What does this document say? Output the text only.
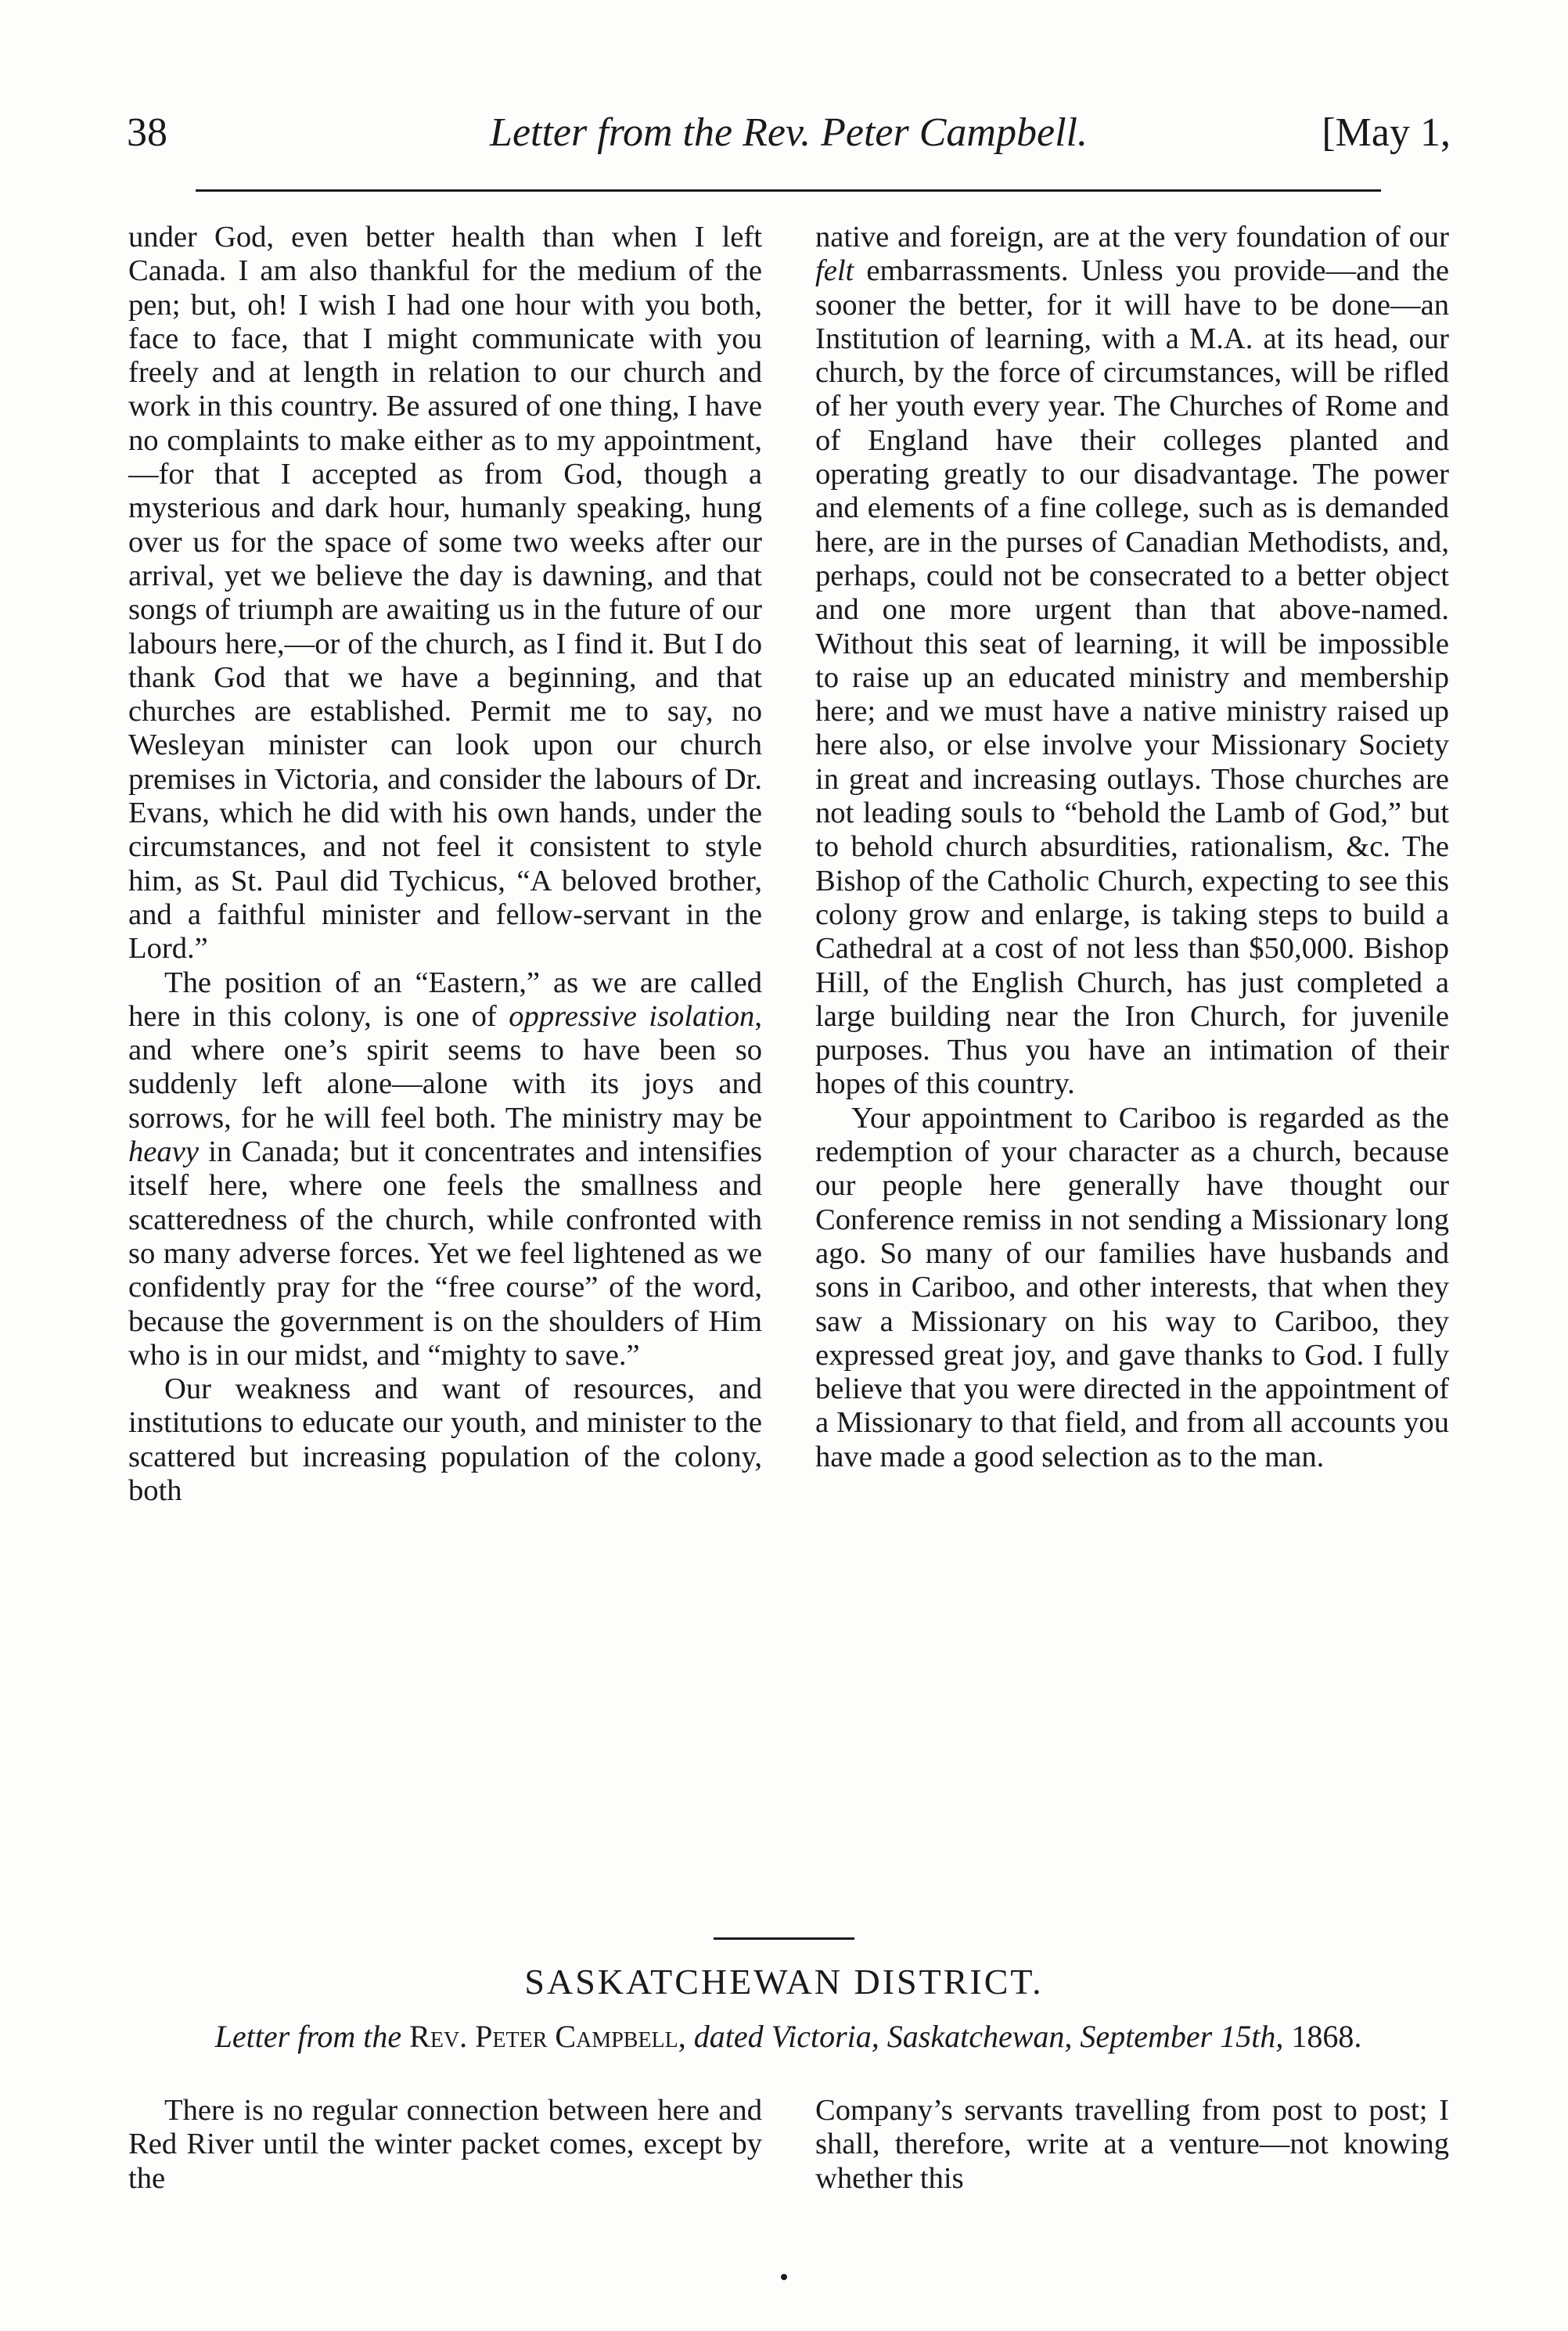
38	Letter from the Rev. Peter Campbell.	[May 1,

under God, even better health than when I left Canada. I am also thankful for the medium of the pen; but, oh! I wish I had one hour with you both, face to face, that I might communicate with you freely and at length in relation to our church and work in this country. Be assured of one thing, I have no complaints to make either as to my appointment,—for that I accepted as from God, though a mysterious and dark hour, humanly speaking, hung over us for the space of some two weeks after our arrival, yet we believe the day is dawning, and that songs of triumph are awaiting us in the future of our labours here,—or of the church, as I find it. But I do thank God that we have a beginning, and that churches are established. Permit me to say, no Wesleyan minister can look upon our church premises in Victoria, and consider the labours of Dr. Evans, which he did with his own hands, under the circumstances, and not feel it consistent to style him, as St. Paul did Tychicus, “A beloved brother, and a faithful minister and fellow-servant in the Lord.”

The position of an “Eastern,” as we are called here in this colony, is one of oppressive isolation, and where one’s spirit seems to have been so suddenly left alone—alone with its joys and sorrows, for he will feel both. The ministry may be heavy in Canada; but it concentrates and intensifies itself here, where one feels the smallness and scatteredness of the church, while confronted with so many adverse forces. Yet we feel lightened as we confidently pray for the “free course” of the word, because the government is on the shoulders of Him who is in our midst, and “mighty to save.”

Our weakness and want of resources, and institutions to educate our youth, and minister to the scattered but increasing population of the colony, both

native and foreign, are at the very foundation of our felt embarrassments. Unless you provide—and the sooner the better, for it will have to be done—an Institution of learning, with a M.A. at its head, our church, by the force of circumstances, will be rifled of her youth every year. The Churches of Rome and of England have their colleges planted and operating greatly to our disadvantage. The power and elements of a fine college, such as is demanded here, are in the purses of Canadian Methodists, and, perhaps, could not be consecrated to a better object and one more urgent than that above-named. Without this seat of learning, it will be impossible to raise up an educated ministry and membership here; and we must have a native ministry raised up here also, or else involve your Missionary Society in great and increasing outlays. Those churches are not leading souls to “behold the Lamb of God,” but to behold church absurdities, rationalism, &c. The Bishop of the Catholic Church, expecting to see this colony grow and enlarge, is taking steps to build a Cathedral at a cost of not less than $50,000. Bishop Hill, of the English Church, has just completed a large building near the Iron Church, for juvenile purposes. Thus you have an intimation of their hopes of this country.

Your appointment to Cariboo is regarded as the redemption of your character as a church, because our people here generally have thought our Conference remiss in not sending a Missionary long ago. So many of our families have husbands and sons in Cariboo, and other interests, that when they saw a Missionary on his way to Cariboo, they expressed great joy, and gave thanks to God. I fully believe that you were directed in the appointment of a Missionary to that field, and from all accounts you have made a good selection as to the man.

SASKATCHEWAN DISTRICT.
Letter from the Rev. Peter Campbell, dated Victoria, Saskatchewan, September 15th, 1868.

There is no regular connection between here and Red River until the winter packet comes, except by the

Company’s servants travelling from post to post; I shall, therefore, write at a venture—not knowing whether this
